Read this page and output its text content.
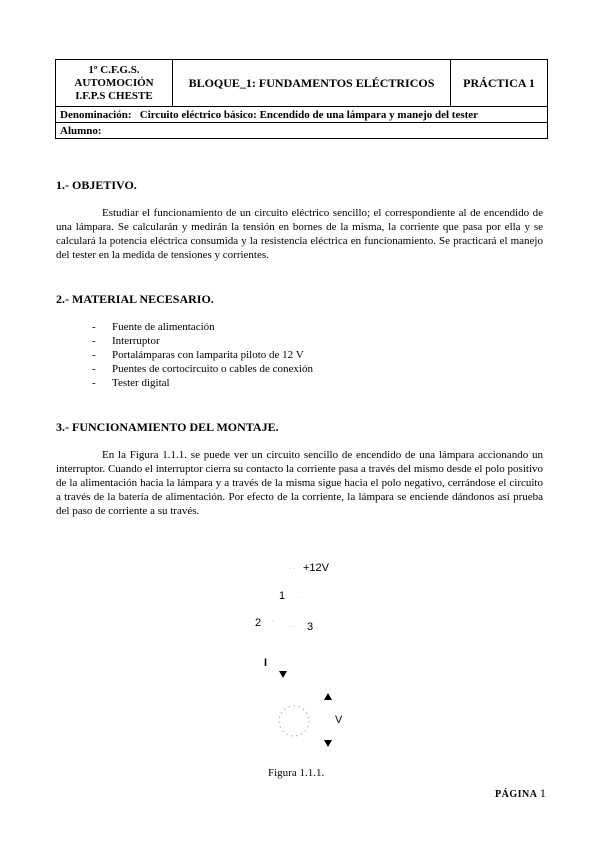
1º C.F.G.S.
AUTOMOCIÓN
I.F.P.S CHESTE
	BLOQUE_1: FUNDAMENTOS ELÉCTRICOS	PRÁCTICA 1
Denominación: Circuito eléctrico básico: Encendido de una lámpara y manejo del tester
Alumno:
1.- OBJETIVO.

Estudiar el funcionamiento de un circuito eléctrico sencillo; el correspondiente al de encendido de una lámpara. Se calcularán y medirán la tensión en bornes de la misma, la corriente que pasa por ella y se calculará la potencia eléctrica consumida y la resistencia eléctrica en funcionamiento. Se practicará el manejo del tester en la medida de tensiones y corrientes.

2.- MATERIAL NECESARIO.
- Fuente de alimentación
- Interruptor
- Portalámparas con lamparita piloto de 12 V
- Puentes de cortocircuito o cables de conexión
- Tester digital
3.- FUNCIONAMIENTO DEL MONTAJE.

En la Figura 1.1.1. se puede ver un circuito sencillo de encendido de una lámpara accionando un interruptor. Cuando el interruptor cierra su contacto la corriente pasa a través del mismo desde el polo positivo de la alimentación hacia la lámpara y a través de la misma sigue hacia el polo negativo, cerrándose el circuito a través de la batería de alimentación. Por efecto de la corriente, la lámpara se enciende dándonos así prueba del paso de corriente a su través.

· · +12V
1 ·
2 ` · · 3
I
V
Figura 1.1.1.
PÁGINA 1
